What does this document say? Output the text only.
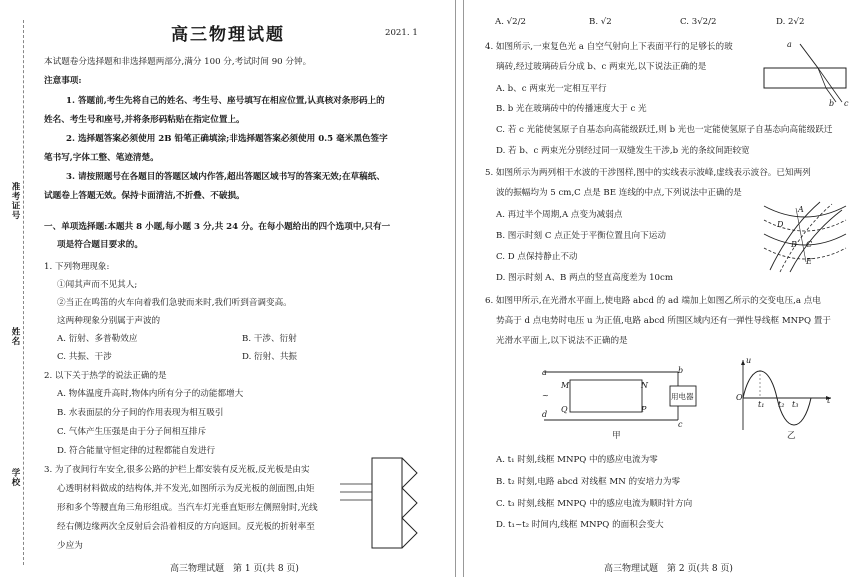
高三物理试题	2021. 1
本试题卷分选择题和非选择题两部分,满分 100 分,考试时间 90 分钟。
注意事项:
1. 答题前,考生先将自己的姓名、考生号、座号填写在相应位置,认真核对条形码上的
姓名、考生号和座号,并将条形码粘贴在指定位置上。
2. 选择题答案必须使用 2B 铅笔正确填涂;非选择题答案必须使用 0.5 毫米黑色签字
笔书写,字体工整、笔迹清楚。
3. 请按照题号在各题目的答题区域内作答,超出答题区域书写的答案无效;在草稿纸、
试题卷上答题无效。保持卡面清洁,不折叠、不破损。
一、单项选择题:本题共 8 小题,每小题 3 分,共 24 分。在每小题给出的四个选项中,只有一
项是符合题目要求的。
1. 下列物理现象:
①闻其声而不见其人;
②当正在鸣笛的火车向着我们急驶而来时,我们听到音调变高。
这两种现象分别属于声波的
A. 衍射、多普勒效应	B. 干涉、衍射
C. 共振、干涉	D. 衍射、共振
2. 以下关于热学的说法正确的是
A. 物体温度升高时,物体内所有分子的动能都增大
B. 水表面层的分子间的作用表现为相互吸引
C. 气体产生压强是由于分子间相互排斥
D. 符合能量守恒定律的过程都能自发进行
3. 为了夜间行车安全,很多公路的护栏上都安装有反光板,反光板是由实
心透明材料做成的结构体,并不发光,如图所示为反光板的剖面图,由矩
形和多个等腰直角三角形组成。当汽车灯光垂直矩形左侧照射时,光线
经右侧边缘两次全反射后会沿着相反的方向返回。反光板的折射率至
少应为
准考证号
姓名
学校
高三物理试题　第 1 页(共 8 页)
A. √2/2	B. √2	C. 3√2/2	D. 2√2
4. 如图所示,一束复色光 a 自空气射向上下表面平行的足够长的玻
璃砖,经过玻璃砖后分成 b、c 两束光,以下说法正确的是
A. b、c 两束光一定相互平行
B. b 光在玻璃砖中的传播速度大于 c 光
C. 若 c 光能使氢原子自基态向高能级跃迁,则 b 光也一定能使氢原子自基态向高能级跃迁
D. 若 b、c 两束光分别经过同一双缝发生干涉,b 光的条纹间距较宽
a
b c
5. 如图所示为两列相干水波的干涉图样,图中的实线表示波峰,虚线表示波谷。已知两列
波的振幅均为 5 cm,C 点是 BE 连线的中点,下列说法中正确的是
A. 再过半个周期,A 点变为减弱点
B. 图示时刻 C 点正处于平衡位置且向下运动
C. D 点保持静止不动
D. 图示时刻 A、B 两点的竖直高度差为 10cm
A
B C
D
E
6. 如图甲所示,在光滑水平面上,使电路 abcd 的 ad 端加上如图乙所示的交变电压,a 点电
势高于 d 点电势时电压 u 为正值,电路 abcd 所围区域内还有一弹性导线框 MNPQ 置于
光滑水平面上,以下说法不正确的是
a	b
c
d
M	N
P
Q
~	用电器
甲
u
O	t
t₁ t₂ t₃
乙
A. t₁ 时刻,线框 MNPQ 中的感应电流为零
B. t₂ 时刻,电路 abcd 对线框 MN 的安培力为零
C. t₃ 时刻,线框 MNPQ 中的感应电流为顺时针方向
D. t₁~t₂ 时间内,线框 MNPQ 的面积会变大
高三物理试题　第 2 页(共 8 页)
